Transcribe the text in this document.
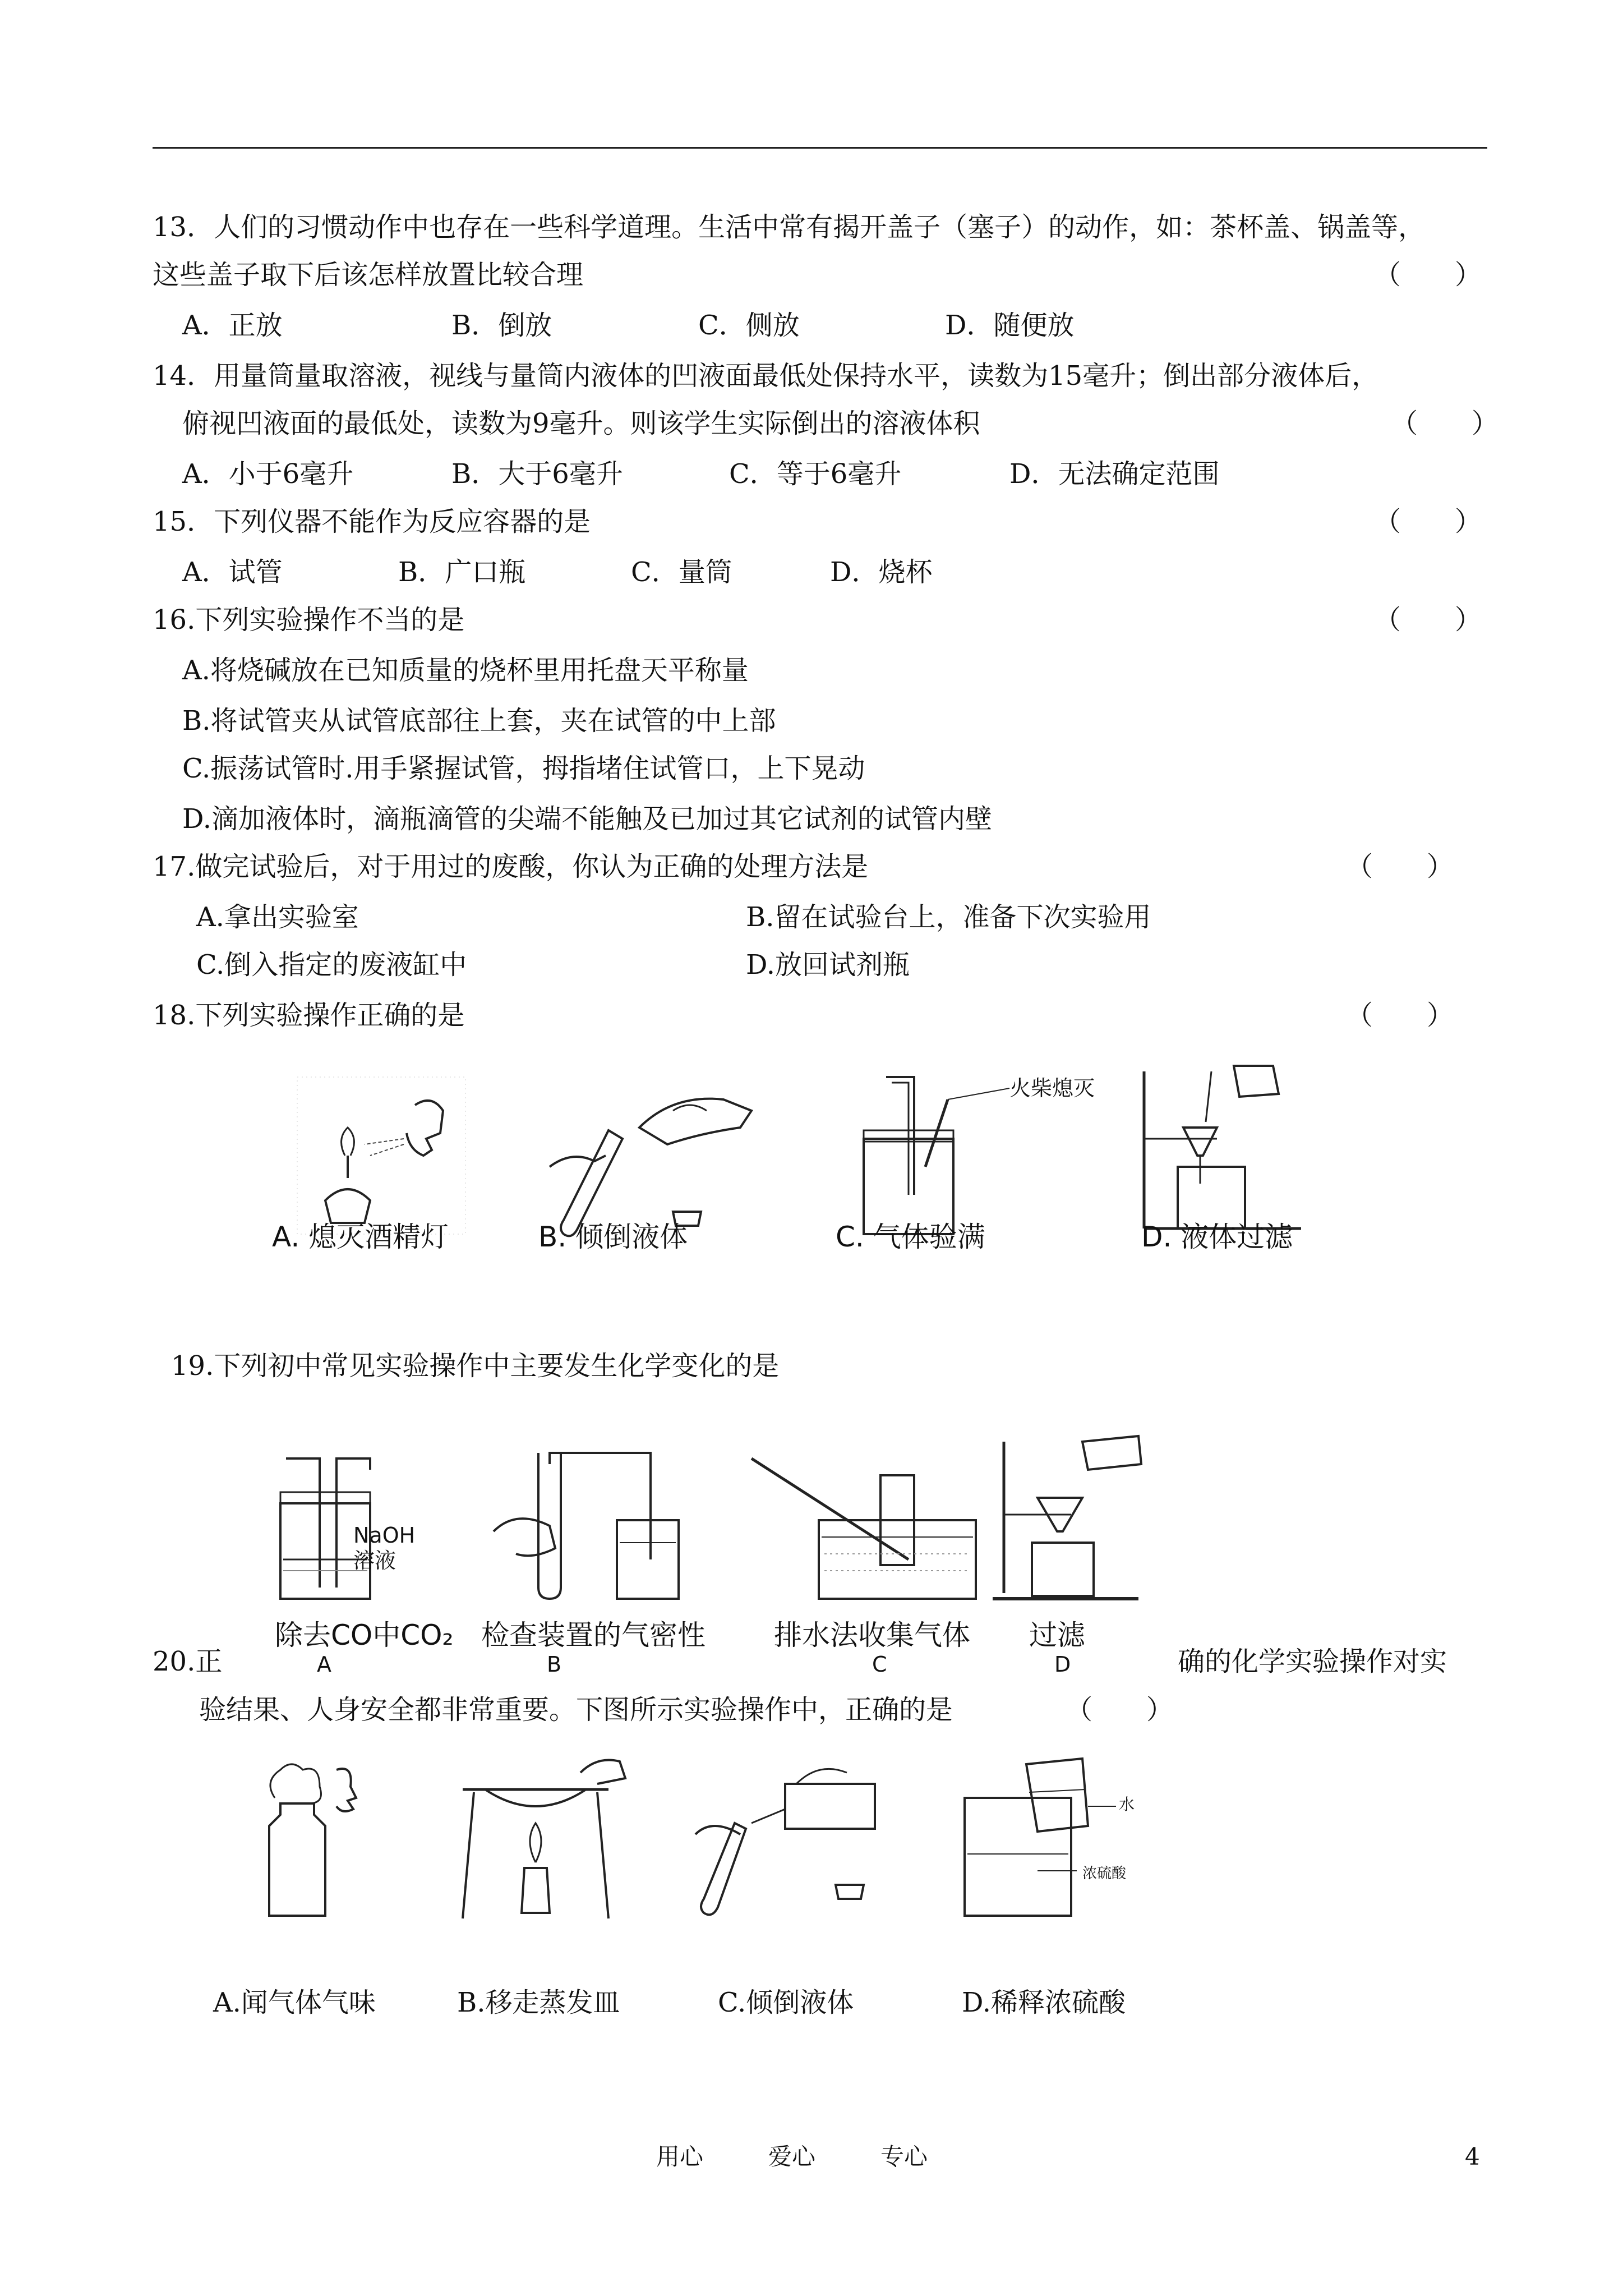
13．人们的习惯动作中也存在一些科学道理。生活中常有揭开盖子（塞子）的动作，如：茶杯盖、锅盖等，
这些盖子取下后该怎样放置比较合理	（　　）
A．正放	B．倒放	C．侧放	D．随便放
14．用量筒量取溶液，视线与量筒内液体的凹液面最低处保持水平，读数为15毫升；倒出部分液体后，
俯视凹液面的最低处，读数为9毫升。则该学生实际倒出的溶液体积	（　　）
A．小于6毫升	B．大于6毫升	C．等于6毫升	D．无法确定范围
15．下列仪器不能作为反应容器的是	（　　）
A．试管	B．广口瓶	C．量筒	D．烧杯
16.下列实验操作不当的是	（　　）
A.将烧碱放在已知质量的烧杯里用托盘天平称量
B.将试管夹从试管底部往上套，夹在试管的中上部
C.振荡试管时.用手紧握试管，拇指堵住试管口，上下晃动
D.滴加液体时，滴瓶滴管的尖端不能触及已加过其它试剂的试管内壁
17.做完试验后，对于用过的废酸，你认为正确的处理方法是	（　　）
A.拿出实验室	B.留在试验台上，准备下次实验用
C.倒入指定的废液缸中	D.放回试剂瓶
18.下列实验操作正确的是	（　　）
火柴熄灭
A. 熄灭酒精灯	B. 倾倒液体	C. 气体验满	D. 液体过滤
19.下列初中常见实验操作中主要发生化学变化的是
NaOH
溶液
除去CO中CO₂ 检查装置的气密性 排水法收集气体 过滤
A	B	C	D
20.正	确的化学实验操作对实
验结果、人身安全都非常重要。下图所示实验操作中，正确的是	（　　）
水
浓硫酸
A.闻气体气味	B.移走蒸发皿	C.倾倒液体	D.稀释浓硫酸
用心	爱心	专心	4
